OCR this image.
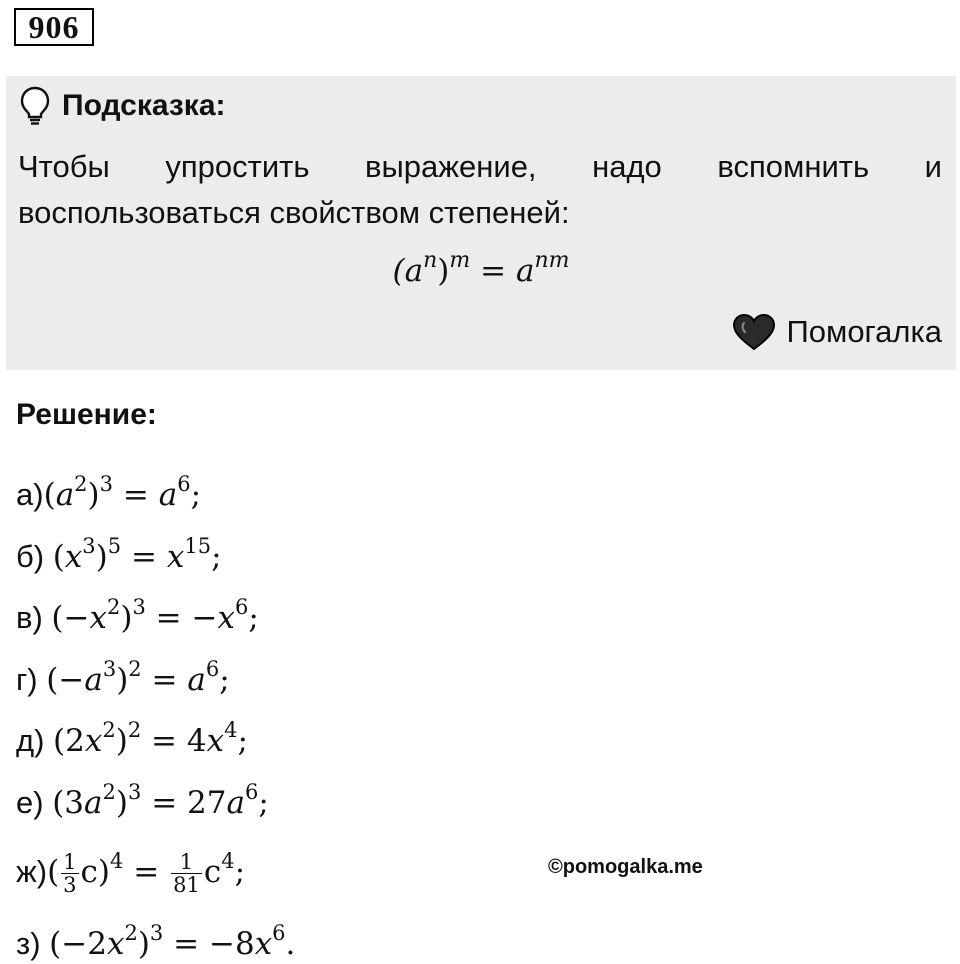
906
Подсказка:
Чтобы упростить выражение, надо вспомнить и
воспользоваться свойством степеней:
$(a^n)^m = a^{nm}$
Помогалка
Решение:
$а)(a^2)^3 = a^6$;
б) $(x^3)^5 = x^{15}$;
в) $(-x^2)^3 = -x^6$;
г) $(-a^3)^2 = a^6$;
д) $(2x^2)^2 = 4x^4$;
е) $(3a^2)^3 = 27a^6$;
$ж)( \frac{1}{3} c)^4 = \frac{1}{81} c^4$;
з) $(-2x^2)^3 = -8x^6$.
©pomogalka.me
